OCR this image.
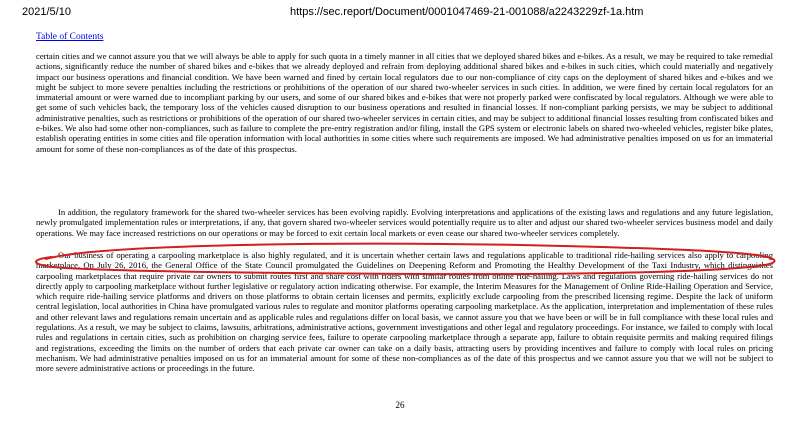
2021/5/10	https://sec.report/Document/0001047469-21-001088/a2243229zf-1a.htm
Table of Contents

certain cities and we cannot assure you that we will always be able to apply for such quota in a timely manner in all cities that we deployed shared bikes and e-bikes. As a result, we may be required to take remedial actions, significantly reduce the number of shared bikes and e-bikes that we already deployed and refrain from deploying additional shared bikes and e-bikes in such cities, which could materially and negatively impact our business operations and financial condition. We have been warned and fined by certain local regulators due to our non-compliance of city caps on the deployment of shared bikes and e-bikes and we might be subject to more severe penalties including the restrictions or prohibitions of the operation of our shared two-wheeler services in such cities. In addition, we were fined by certain local regulators for an immaterial amount or were warned due to incompliant parking by our users, and some of our shared bikes and e-bikes that were not properly parked were confiscated by local regulators. Although we were able to get some of such vehicles back, the temporary loss of the vehicles caused disruption to our business operations and resulted in financial losses. If non-compliant parking persists, we may be subject to additional administrative penalties, such as restrictions or prohibitions of the operation of our shared two-wheeler services in certain cities, and may be subject to additional financial losses resulting from confiscated bikes and e-bikes. We also had some other non-compliances, such as failure to complete the pre-entry registration and/or filing, install the GPS system or electronic labels on shared two-wheeled vehicles, register bike plates, establish operating entities in some cities and file operation information with local authorities in some cities where such requirements are imposed. We had administrative penalties imposed on us for an immaterial amount for some of these non-compliances as of the date of this prospectus.

In addition, the regulatory framework for the shared two-wheeler services has been evolving rapidly. Evolving interpretations and applications of the existing laws and regulations and any future legislation, newly promulgated implementation rules or interpretations, if any, that govern shared two-wheeler services would potentially require us to alter and adjust our shared two-wheeler services business model and daily operations. We may face increased restrictions on our operations or may be forced to exit certain local markets or even cease our shared two-wheeler services completely.

Our business of operating a carpooling marketplace is also highly regulated, and it is uncertain whether certain laws and regulations applicable to traditional ride-hailing services also apply to carpooling marketplace. On July 26, 2016, the General Office of the State Council promulgated the Guidelines on Deepening Reform and Promoting the Healthy Development of the Taxi Industry, which distinguishes carpooling marketplaces that require private car owners to submit routes first and share cost with riders with similar routes from online ride-hailing. Laws and regulations governing ride-hailing services do not directly apply to carpooling marketplace without further legislative or regulatory action indicating otherwise. For example, the Interim Measures for the Management of Online Ride-Hailing Operation and Service, which require ride-hailing service platforms and drivers on those platforms to obtain certain licenses and permits, explicitly exclude carpooling from the prescribed licensing regime. Despite the lack of uniform central legislation, local authorities in China have promulgated various rules to regulate and monitor platforms operating carpooling marketplace. As the application, interpretation and implementation of these rules and other relevant laws and regulations remain uncertain and as applicable rules and regulations differ on local basis, we cannot assure you that we have been or will be in full compliance with these local rules and regulations. As a result, we may be subject to claims, lawsuits, arbitrations, administrative actions, government investigations and other legal and regulatory proceedings. For instance, we failed to comply with local rules and regulations in certain cities, such as prohibition on charging service fees, failure to operate carpooling marketplace through a separate app, failure to obtain requisite permits and making required filings and registrations, exceeding the limits on the number of orders that each private car owner can take on a daily basis, attracting users by providing incentives and failure to comply with local rules on pricing mechanism. We had administrative penalties imposed on us for an immaterial amount for some of these non-compliances as of the date of this prospectus and we cannot assure you that we will not be subject to more severe administrative actions or proceedings in the future.

26
